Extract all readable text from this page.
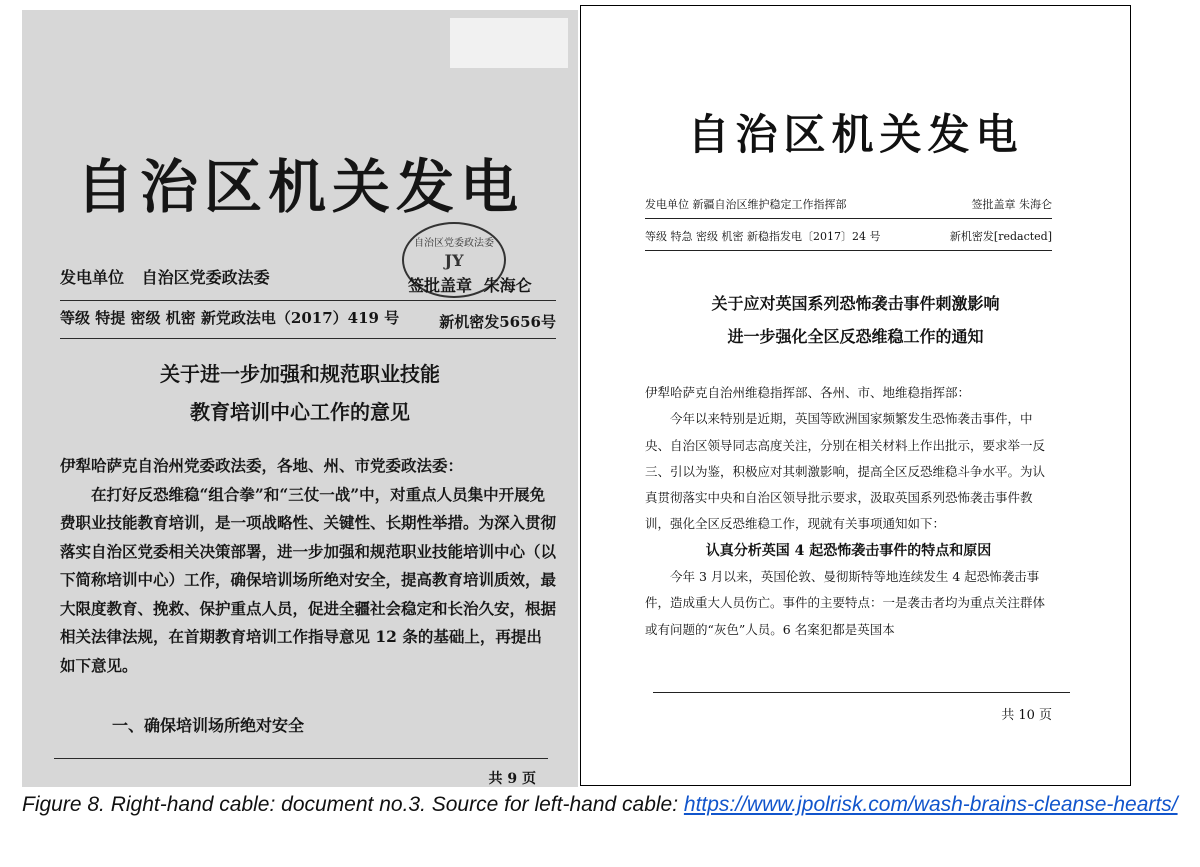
自治区机关发电
自治区党委政法委
JY
发电单位 自治区党委政法委	签批盖章 朱海仑
等级 特提 密级 机密 新党政法电（2017）419 号	新机密发5656号
关于进一步加强和规范职业技能
教育培训中心工作的意见

伊犁哈萨克自治州党委政法委，各地、州、市党委政法委：

在打好反恐维稳“组合拳”和“三仗一战”中，对重点人员集中开展免费职业技能教育培训，是一项战略性、关键性、长期性举措。为深入贯彻落实自治区党委相关决策部署，进一步加强和规范职业技能培训中心（以下简称培训中心）工作，确保培训场所绝对安全，提高教育培训质效，最大限度教育、挽救、保护重点人员，促进全疆社会稳定和长治久安，根据相关法律法规，在首期教育培训工作指导意见 12 条的基础上，再提出如下意见。

一、确保培训场所绝对安全
共 9 页
自治区机关发电
发电单位 新疆自治区维护稳定工作指挥部	签批盖章 朱海仑
等级 特急 密级 机密 新稳指发电〔2017〕24 号	新机密发[redacted]
关于应对英国系列恐怖袭击事件刺激影响
进一步强化全区反恐维稳工作的通知

伊犁哈萨克自治州维稳指挥部、各州、市、地维稳指挥部：

今年以来特别是近期，英国等欧洲国家频繁发生恐怖袭击事件，中央、自治区领导同志高度关注，分别在相关材料上作出批示，要求举一反三、引以为鉴，积极应对其刺激影响，提高全区反恐维稳斗争水平。为认真贯彻落实中央和自治区领导批示要求，汲取英国系列恐怖袭击事件教训，强化全区反恐维稳工作，现就有关事项通知如下：

认真分析英国 4 起恐怖袭击事件的特点和原因

今年 3 月以来，英国伦敦、曼彻斯特等地连续发生 4 起恐怖袭击事件，造成重大人员伤亡。事件的主要特点：一是袭击者均为重点关注群体或有问题的“灰色”人员。6 名案犯都是英国本

共 10 页
Figure 8. Right-hand cable: document no.3. Source for left-hand cable: https://www.jpolrisk.com/wash-brains-cleanse-hearts/
